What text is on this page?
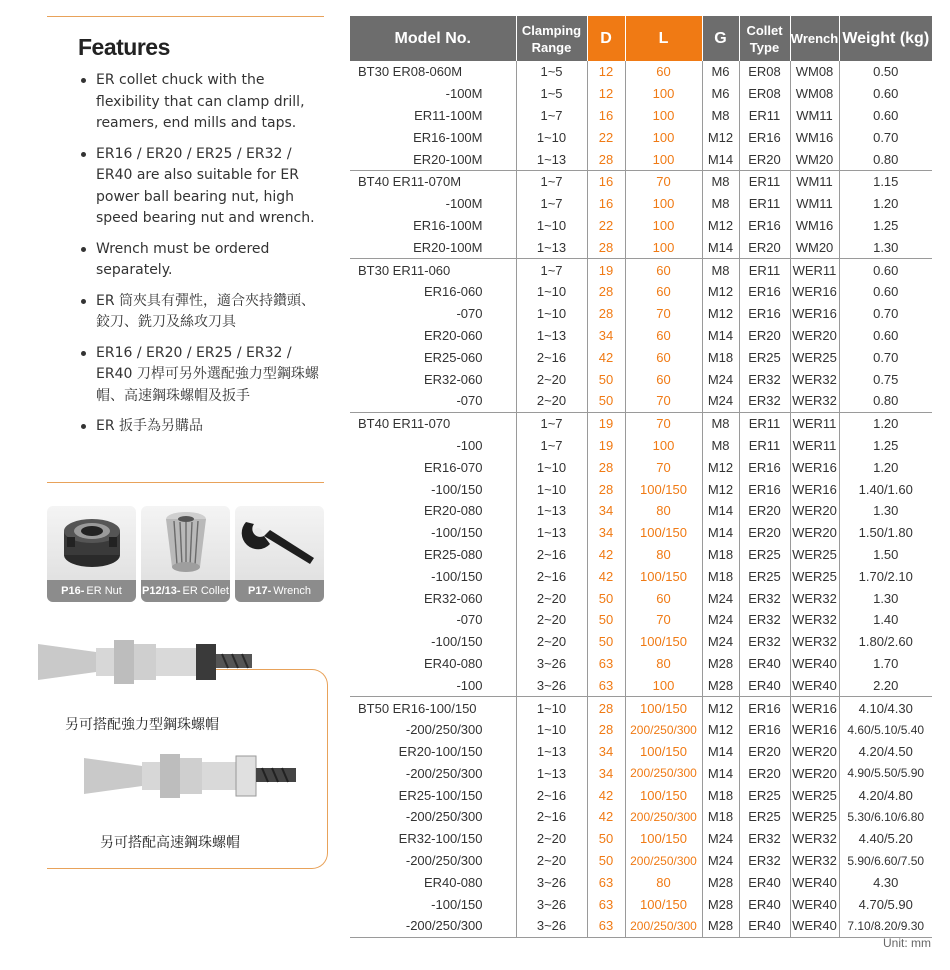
Features
ER collet chuck with the flexibility that can clamp drill, reamers, end mills and taps.
ER16 / ER20 / ER25 / ER32 / ER40 are also suitable for ER power ball bearing nut, high speed bearing nut and wrench.
Wrench must be ordered separately.
ER 筒夾具有彈性，適合夾持鑽頭、鉸刀、銑刀及絲攻刀具
ER16 / ER20 / ER25 / ER32 / ER40 刀桿可另外選配強力型鋼珠螺帽、高速鋼珠螺帽及扳手
ER 扳手為另購品
P16- ER Nut P12/13- ER Collet P17- Wrench
另可搭配強力型鋼珠螺帽
另可搭配高速鋼珠螺帽
Model No.	Clamping Range	D	L	G	Collet Type	Wrench	Weight (kg)
BT30 ER08-060M	1~5	12	60	M6	ER08	WM08	0.50
-100M	1~5	12	100	M6	ER08	WM08	0.60
ER11-100M	1~7	16	100	M8	ER11	WM11	0.60
ER16-100M	1~10	22	100	M12	ER16	WM16	0.70
ER20-100M	1~13	28	100	M14	ER20	WM20	0.80
BT40 ER11-070M	1~7	16	70	M8	ER11	WM11	1.15
-100M	1~7	16	100	M8	ER11	WM11	1.20
ER16-100M	1~10	22	100	M12	ER16	WM16	1.25
ER20-100M	1~13	28	100	M14	ER20	WM20	1.30
BT30 ER11-060	1~7	19	60	M8	ER11	WER11	0.60
ER16-060	1~10	28	60	M12	ER16	WER16	0.60
-070	1~10	28	70	M12	ER16	WER16	0.70
ER20-060	1~13	34	60	M14	ER20	WER20	0.60
ER25-060	2~16	42	60	M18	ER25	WER25	0.70
ER32-060	2~20	50	60	M24	ER32	WER32	0.75
-070	2~20	50	70	M24	ER32	WER32	0.80
BT40 ER11-070	1~7	19	70	M8	ER11	WER11	1.20
-100	1~7	19	100	M8	ER11	WER11	1.25
ER16-070	1~10	28	70	M12	ER16	WER16	1.20
-100/150	1~10	28	100/150	M12	ER16	WER16	1.40/1.60
ER20-080	1~13	34	80	M14	ER20	WER20	1.30
-100/150	1~13	34	100/150	M14	ER20	WER20	1.50/1.80
ER25-080	2~16	42	80	M18	ER25	WER25	1.50
-100/150	2~16	42	100/150	M18	ER25	WER25	1.70/2.10
ER32-060	2~20	50	60	M24	ER32	WER32	1.30
-070	2~20	50	70	M24	ER32	WER32	1.40
-100/150	2~20	50	100/150	M24	ER32	WER32	1.80/2.60
ER40-080	3~26	63	80	M28	ER40	WER40	1.70
-100	3~26	63	100	M28	ER40	WER40	2.20
BT50 ER16-100/150	1~10	28	100/150	M12	ER16	WER16	4.10/4.30
-200/250/300	1~10	28	200/250/300	M12	ER16	WER16	4.60/5.10/5.40
ER20-100/150	1~13	34	100/150	M14	ER20	WER20	4.20/4.50
-200/250/300	1~13	34	200/250/300	M14	ER20	WER20	4.90/5.50/5.90
ER25-100/150	2~16	42	100/150	M18	ER25	WER25	4.20/4.80
-200/250/300	2~16	42	200/250/300	M18	ER25	WER25	5.30/6.10/6.80
ER32-100/150	2~20	50	100/150	M24	ER32	WER32	4.40/5.20
-200/250/300	2~20	50	200/250/300	M24	ER32	WER32	5.90/6.60/7.50
ER40-080	3~26	63	80	M28	ER40	WER40	4.30
-100/150	3~26	63	100/150	M28	ER40	WER40	4.70/5.90
-200/250/300	3~26	63	200/250/300	M28	ER40	WER40	7.10/8.20/9.30
Unit: mm
